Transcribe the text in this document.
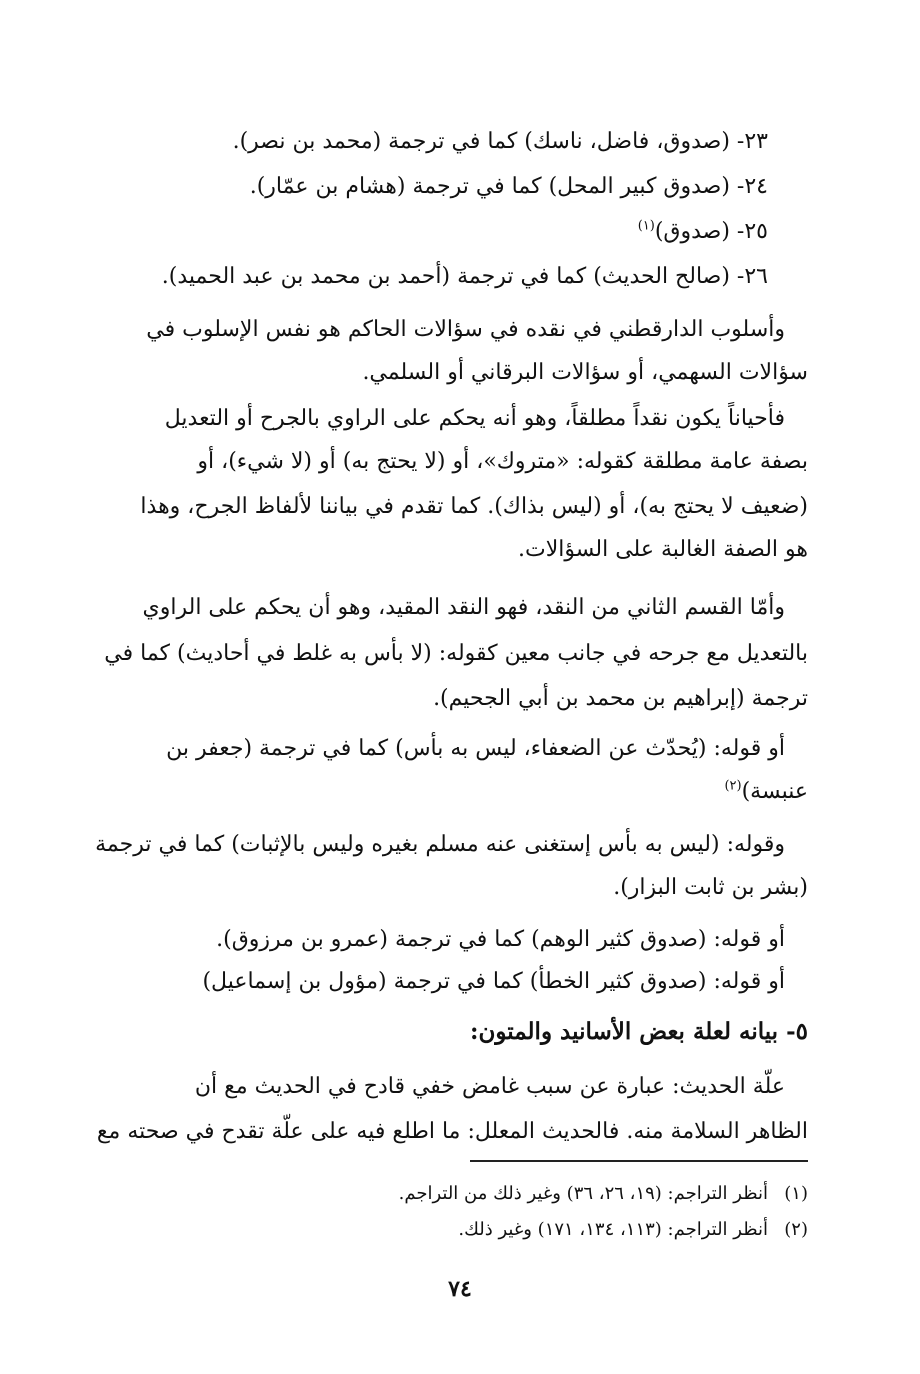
٢٣- (صدوق، فاضل، ناسك) كما في ترجمة (محمد بن نصر).
٢٤- (صدوق كبير المحل) كما في ترجمة (هشام بن عمّار).
٢٥- (صدوق)$^{(١)}$
٢٦- (صالح الحديث) كما في ترجمة (أحمد بن محمد بن عبد الحميد).
وأسلوب الدارقطني في نقده في سؤالات الحاكم هو نفس الإسلوب في
سؤالات السهمي، أو سؤالات البرقاني أو السلمي.
فأحياناً يكون نقداً مطلقاً، وهو أنه يحكم على الراوي بالجرح أو التعديل
بصفة عامة مطلقة كقوله: «متروك»، أو (لا يحتج به) أو (لا شيء)، أو
(ضعيف لا يحتج به)، أو (ليس بذاك). كما تقدم في بياننا لألفاظ الجرح، وهذا
هو الصفة الغالبة على السؤالات.
وأمّا القسم الثاني من النقد، فهو النقد المقيد، وهو أن يحكم على الراوي
بالتعديل مع جرحه في جانب معين كقوله: (لا بأس به غلط في أحاديث) كما في
ترجمة (إبراهيم بن محمد بن أبي الجحيم).
أو قوله: (يُحدّث عن الضعفاء، ليس به بأس) كما في ترجمة (جعفر بن
عنبسة)$^{(٢)}$
وقوله: (ليس به بأس إستغنى عنه مسلم بغيره وليس بالإثبات) كما في ترجمة
(بشر بن ثابت البزار).
أو قوله: (صدوق كثير الوهم) كما في ترجمة (عمرو بن مرزوق).
أو قوله: (صدوق كثير الخطأ) كما في ترجمة (مؤول بن إسماعيل)
٥- بيانه لعلة بعض الأسانيد والمتون:
علّة الحديث: عبارة عن سبب غامض خفي قادح في الحديث مع أن
الظاهر السلامة منه. فالحديث المعلل: ما اطلع فيه على علّة تقدح في صحته مع
(١)أنظر التراجم: (١٩، ٢٦، ٣٦) وغير ذلك من التراجم.
(٢)أنظر التراجم: (١١٣، ١٣٤، ١٧١) وغير ذلك.
٧٤
